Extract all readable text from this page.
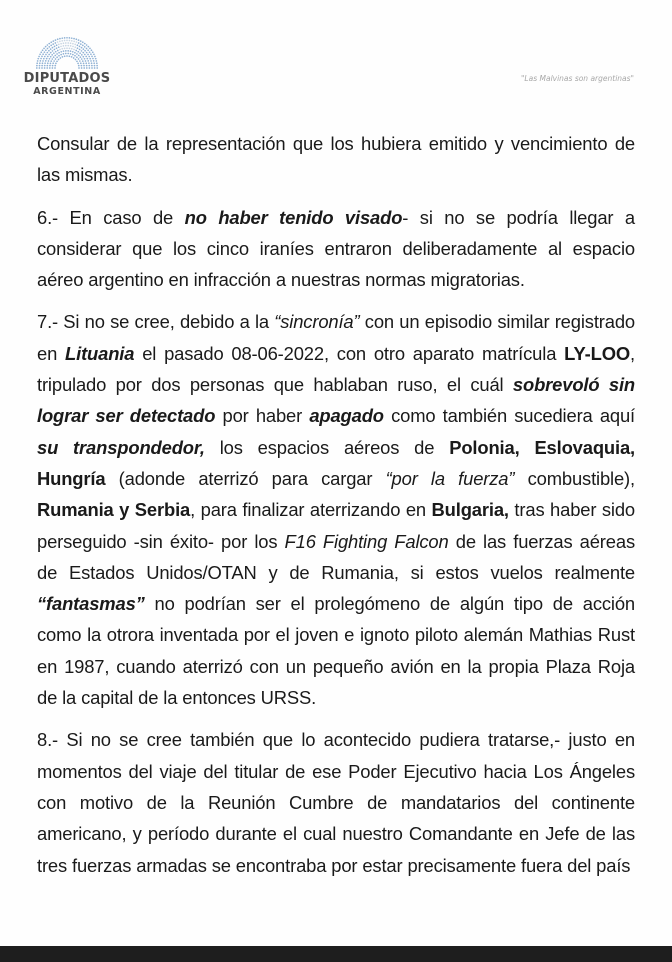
DIPUTADOS
ARGENTINA
"Las Malvinas son argentinas"

Consular de la representación que los hubiera emitido y vencimiento de las mismas.

6.- En caso de no haber tenido visado- si no se podría llegar a considerar que los cinco iraníes entraron deliberadamente al espacio aéreo argentino en infracción a nuestras normas migratorias.

7.- Si no se cree, debido a la “sincronía” con un episodio similar registrado en Lituania el pasado 08-06-2022, con otro aparato matrícula LY-LOO, tripulado por dos personas que hablaban ruso, el cuál sobrevoló sin lograr ser detectado por haber apagado como también sucediera aquí su transpondedor, los espacios aéreos de Polonia, Eslovaquia, Hungría (adonde aterrizó para cargar “por la fuerza” combustible), Rumania y Serbia, para finalizar aterrizando en Bulgaria, tras haber sido perseguido -sin éxito- por los F16 Fighting Falcon de las fuerzas aéreas de Estados Unidos/OTAN y de Rumania, si estos vuelos realmente “fantasmas” no podrían ser el prolegómeno de algún tipo de acción como la otrora inventada por el joven e ignoto piloto alemán Mathias Rust en 1987, cuando aterrizó con un pequeño avión en la propia Plaza Roja de la capital de la entonces URSS.

8.- Si no se cree también que lo acontecido pudiera tratarse,- justo en momentos del viaje del titular de ese Poder Ejecutivo hacia Los Ángeles con motivo de la Reunión Cumbre de mandatarios del continente americano, y período durante el cual nuestro Comandante en Jefe de las tres fuerzas armadas se encontraba por estar precisamente fuera del país
